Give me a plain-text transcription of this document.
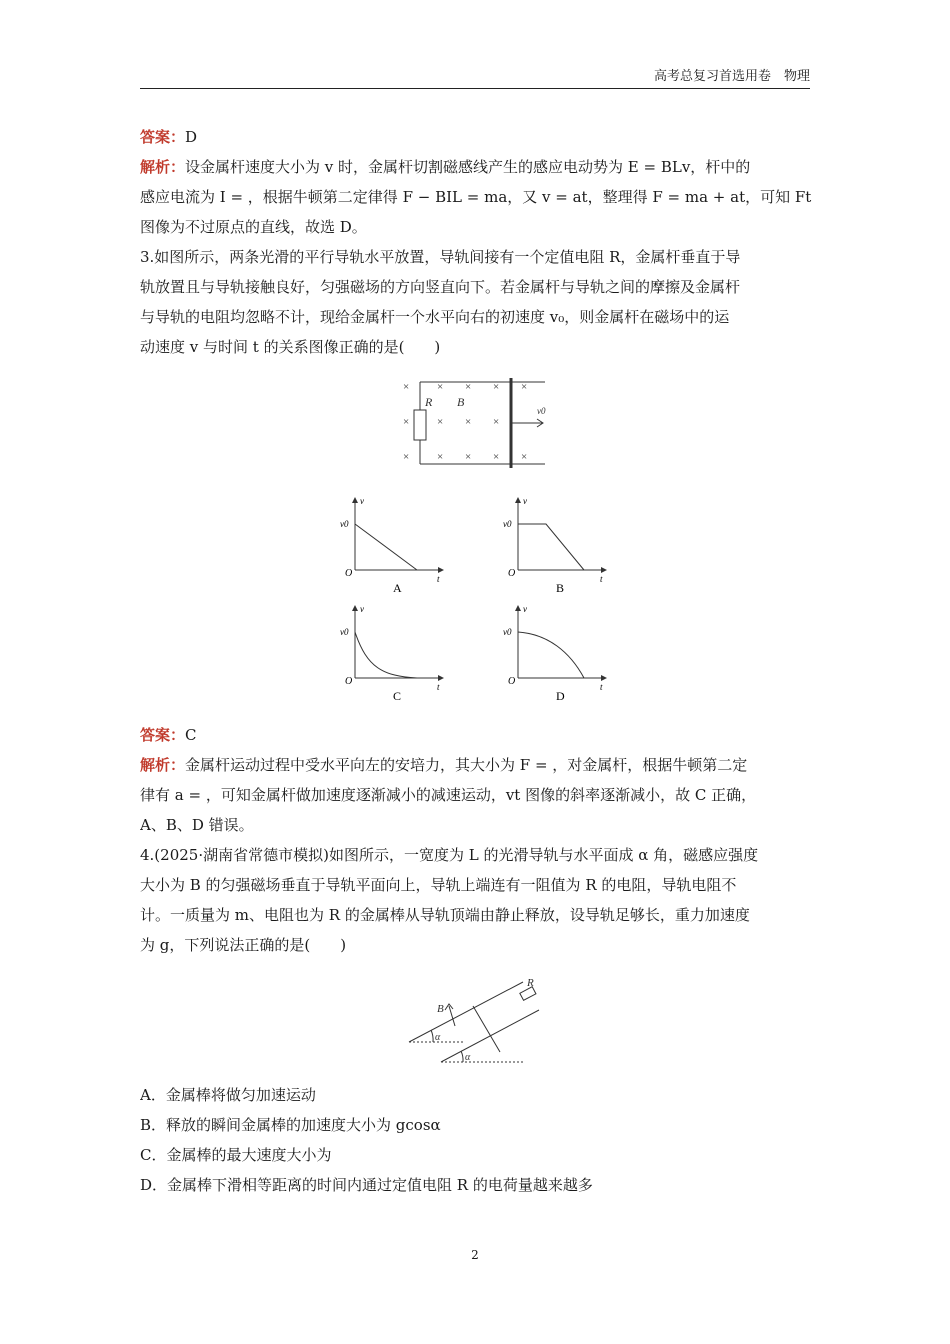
高考总复习首选用卷　物理
答案：D
解析：设金属杆速度大小为 v 时，金属杆切割磁感线产生的感应电动势为 E = BLv，杆中的
感应电流为 I = ，根据牛顿第二定律得 F − BIL = ma，又 v = at，整理得 F = ma + at，可知 Ft
图像为不过原点的直线，故选 D。
3.如图所示，两条光滑的平行导轨水平放置，导轨间接有一个定值电阻 R，金属杆垂直于导
轨放置且与导轨接触良好，匀强磁场的方向竖直向下。若金属杆与导轨之间的摩擦及金属杆
与导轨的电阻均忽略不计，现给金属杆一个水平向右的初速度 v₀，则金属杆在磁场中的运
动速度 v 与时间 t 的关系图像正确的是(　　)
×
×
×
× × × ×
× × ×
× × × ×
R B
v0
O
v0
v
t
A
O
v0
v
t
B
O
v0
v
t
C
O
v0
v
t
D
答案：C
解析：金属杆运动过程中受水平向左的安培力，其大小为 F = ，对金属杆，根据牛顿第二定
律有 a = ，可知金属杆做加速度逐渐减小的减速运动，vt 图像的斜率逐渐减小，故 C 正确，
A、B、D 错误。
4.(2025·湖南省常德市模拟)如图所示，一宽度为 L 的光滑导轨与水平面成 α 角，磁感应强度
大小为 B 的匀强磁场垂直于导轨平面向上，导轨上端连有一阻值为 R 的电阻，导轨电阻不
计。一质量为 m、电阻也为 R 的金属棒从导轨顶端由静止释放，设导轨足够长，重力加速度
为 g，下列说法正确的是(　　)
B
R
α
α
A．金属棒将做匀加速运动
B．释放的瞬间金属棒的加速度大小为 gcosα
C．金属棒的最大速度大小为
D．金属棒下滑相等距离的时间内通过定值电阻 R 的电荷量越来越多
2
